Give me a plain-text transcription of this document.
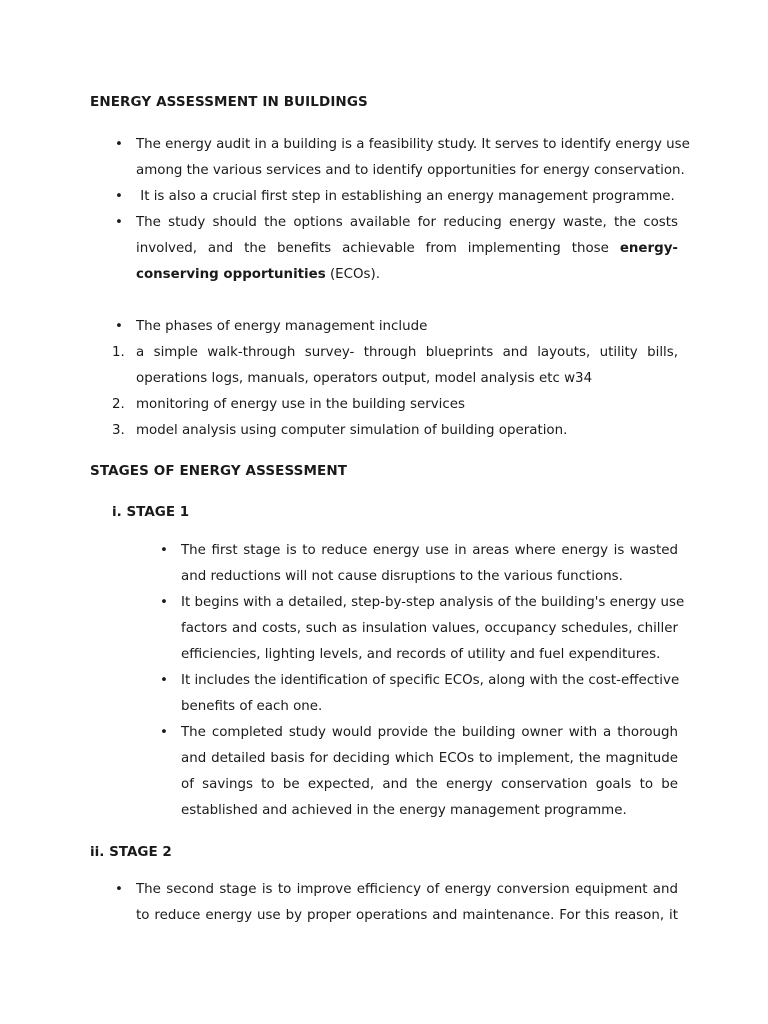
ENERGY ASSESSMENT IN BUILDINGS
• The energy audit in a building is a feasibility study. It serves to identify energy use
among the various services and to identify opportunities for energy conservation.
• It is also a crucial first step in establishing an energy management programme.
• The study should the options available for reducing energy waste, the costs
involved, and the benefits achievable from implementing those energy-
conserving opportunities (ECOs).
• The phases of energy management include
1. a simple walk-through survey- through blueprints and layouts, utility bills,
operations logs, manuals, operators output, model analysis etc w34
2. monitoring of energy use in the building services
3. model analysis using computer simulation of building operation.
STAGES OF ENERGY ASSESSMENT
i. STAGE 1
• The first stage is to reduce energy use in areas where energy is wasted
and reductions will not cause disruptions to the various functions.
• It begins with a detailed, step-by-step analysis of the building's energy use
factors and costs, such as insulation values, occupancy schedules, chiller
efficiencies, lighting levels, and records of utility and fuel expenditures.
• It includes the identification of specific ECOs, along with the cost-effective
benefits of each one.
• The completed study would provide the building owner with a thorough
and detailed basis for deciding which ECOs to implement, the magnitude
of savings to be expected, and the energy conservation goals to be
established and achieved in the energy management programme.
ii. STAGE 2
• The second stage is to improve efficiency of energy conversion equipment and
to reduce energy use by proper operations and maintenance. For this reason, it
